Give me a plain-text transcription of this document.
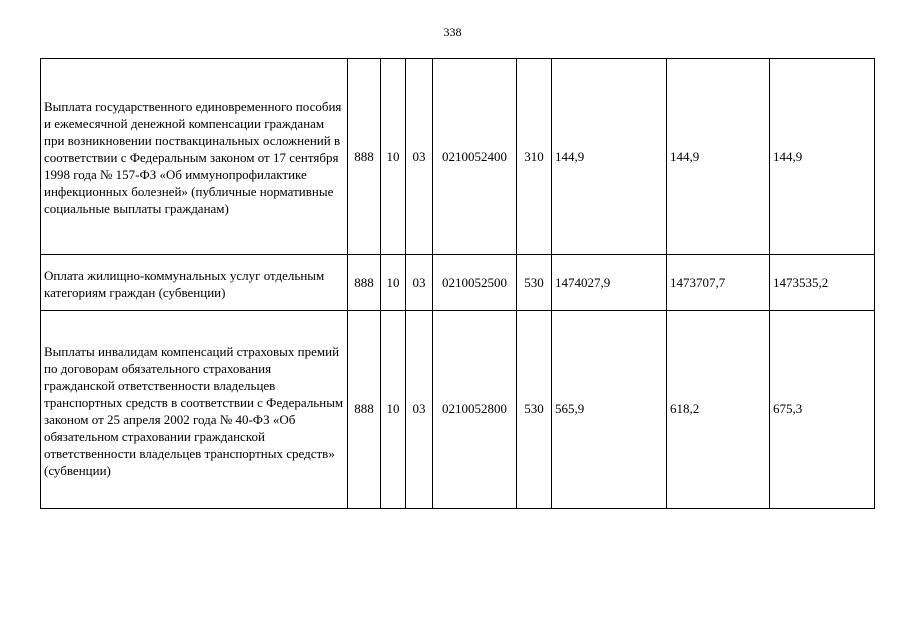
338
Выплата государственного единовременного пособия и ежемесячной денежной компенсации гражданам при возникновении поствакцинальных осложнений в соответствии с Федеральным законом от 17 сентября 1998 года № 157-ФЗ «Об иммунопрофилактике инфекционных болезней» (публичные нормативные социальные выплаты гражданам)	888	10	03	0210052400	310	144,9	144,9	144,9
Оплата жилищно-коммунальных услуг отдельным категориям граждан (субвенции)	888	10	03	0210052500	530	1474027,9	1473707,7	1473535,2
Выплаты инвалидам компенсаций страховых премий по договорам обязательного страхования гражданской ответственности владельцев транспортных средств в соответствии с Федеральным законом от 25 апреля 2002 года № 40-ФЗ «Об обязательном страховании гражданской ответственности владельцев транспортных средств» (субвенции)	888	10	03	0210052800	530	565,9	618,2	675,3
